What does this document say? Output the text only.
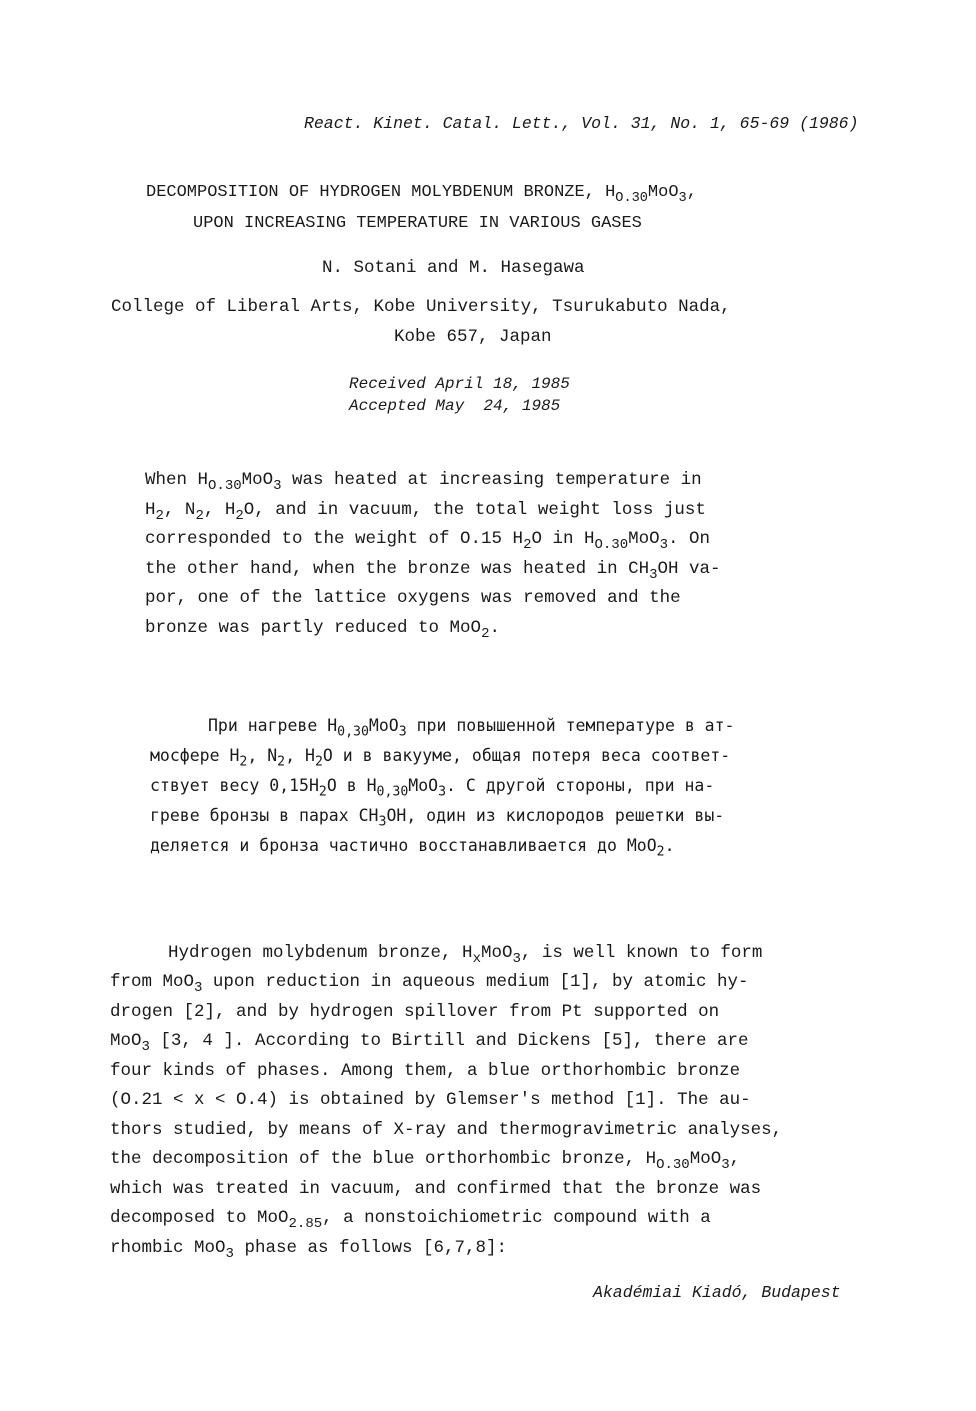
React. Kinet. Catal. Lett., Vol. 31, No. 1, 65-69 (1986)
DECOMPOSITION OF HYDROGEN MOLYBDENUM BRONZE, $H_{O.30}MoO_3$,
UPON INCREASING TEMPERATURE IN VARIOUS GASES
N. Sotani and M. Hasegawa
College of Liberal Arts, Kobe University, Tsurukabuto Nada,
Kobe 657, Japan
Received April 18, 1985
Accepted May  24, 1985
When $H_{O.30}MoO_3$ was heated at increasing temperature in
$H_2$, $N_2$, $H_2O$, and in vacuum, the total weight loss just
corresponded to the weight of O.15 $H_2O$ in $H_{O.30}MoO_3$. On
the other hand, when the bronze was heated in $CH_3OH$ va-
por, one of the lattice oxygens was removed and the
bronze was partly reduced to MoO$_2$.
При нагреве $H_{0,30}MoO_3$ при повышенной температуре в ат-
мосфере $H_2$, $N_2$, $H_2O$ и в вакууме, общая потеря веса соответ-
ствует весу $0,15H_2O$ в $H_{0,30}MoO_3$. С другой стороны, при на-
греве бронзы в парах $CH_3OH$, один из кислородов решетки вы-
деляется и бронза частично восстанавливается до MoO$_2$.
Hydrogen molybdenum bronze, $H_xMoO_3$, is well known to form
from MoO$_3$ upon reduction in aqueous medium [1], by atomic hy-
drogen [2], and by hydrogen spillover from Pt supported on
MoO$_3$ [3, 4 ]. According to Birtill and Dickens [5], there are
four kinds of phases. Among them, a blue orthorhombic bronze
(O.21 < x < O.4) is obtained by Glemser's method [1]. The au-
thors studied, by means of X-ray and thermogravimetric analyses,
the decomposition of the blue orthorhombic bronze, $H_{O.30}MoO_3$,
which was treated in vacuum, and confirmed that the bronze was
decomposed to MoO$_{2.85}$, a nonstoichiometric compound with a
rhombic MoO$_3$ phase as follows [6,7,8]:
Akadémiai Kiadó, Budapest
